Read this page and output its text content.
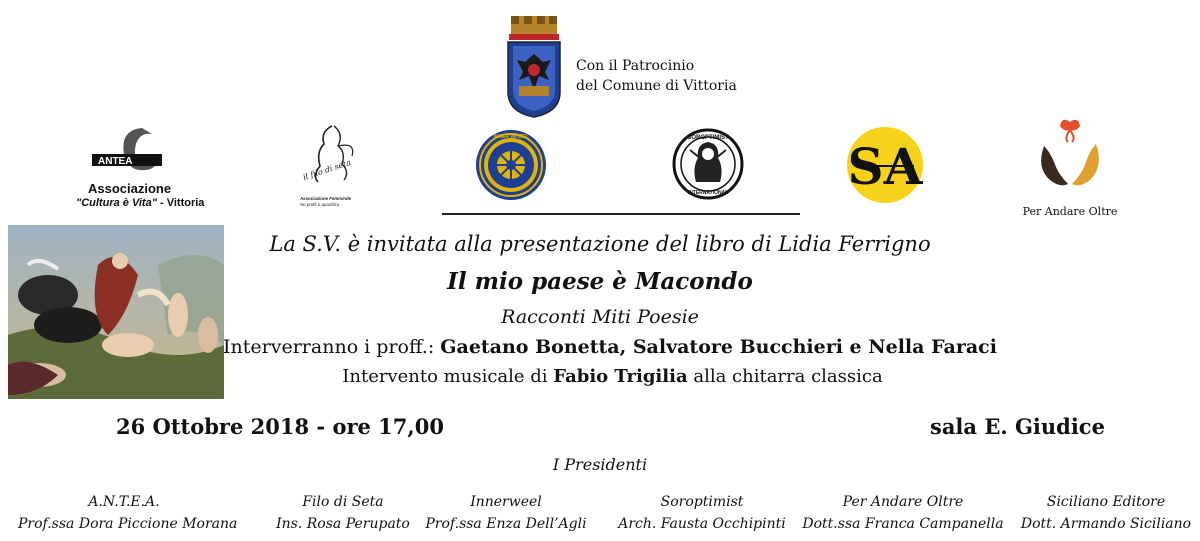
Con il Patrocinio
del Comune di Vittoria
ANTEA
Associazione
"Cultura è Vita" - Vittoria
il filo di seta
Associazione Femminile
No profit e apartitica
INNER WHEEL	SOROPTIMIST
INTERNATIONAL SA
Per Andare Oltre
La S.V. è invitata alla presentazione del libro di Lidia Ferrigno
Il mio paese è Macondo
Racconti Miti Poesie
Interverranno i proff.: Gaetano Bonetta, Salvatore Bucchieri e Nella Faraci
Intervento musicale di Fabio Trigilia alla chitarra classica
26 Ottobre 2018 - ore 17,00	sala E. Giudice
I Presidenti
A.N.T.E.A.
Prof.ssa Dora Piccione Morana
Filo di Seta
Ins. Rosa Perupato
Innerweel
Prof.ssa Enza Dell’Agli
Soroptimist
Arch. Fausta Occhipinti
Per Andare Oltre
Dott.ssa Franca Campanella
Siciliano Editore
Dott. Armando Siciliano
